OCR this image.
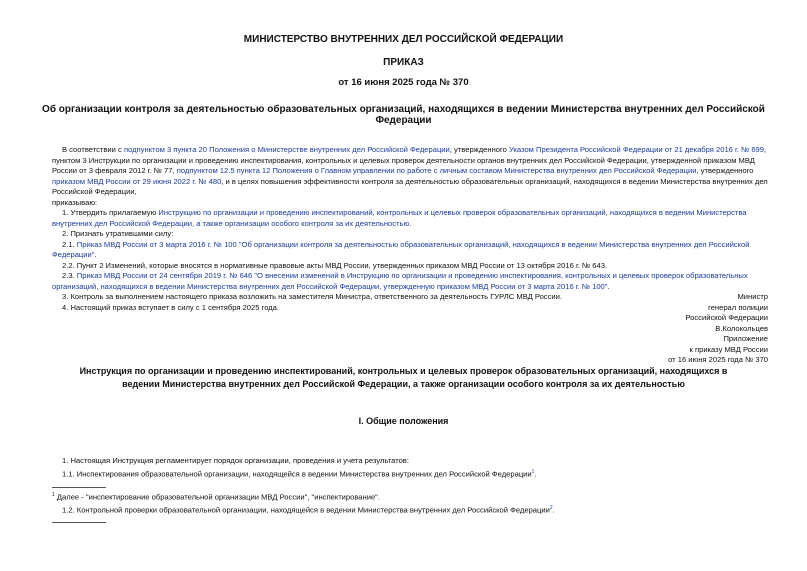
МИНИСТЕРСТВО ВНУТРЕННИХ ДЕЛ РОССИЙСКОЙ ФЕДЕРАЦИИ

ПРИКАЗ

от 16 июня 2025 года № 370

Об организации контроля за деятельностью образовательных организаций, находящихся в ведении Министерства внутренних дел Российской Федерации

В соответствии с подпунктом 3 пункта 20 Положения о Министерстве внутренних дел Российской Федерации, утвержденного Указом Президента Российской Федерации от 21 декабря 2016 г. № 699, пунктом 3 Инструкции по организации и проведению инспектирования, контрольных и целевых проверок деятельности органов внутренних дел Российской Федерации, утвержденной приказом МВД России от 3 февраля 2012 г. № 77, подпунктом 12.5 пункта 12 Положения о Главном управлении по работе с личным составом Министерства внутренних дел Российской Федерации, утвержденного приказом МВД России от 29 июня 2022 г. № 480, и в целях повышения эффективности контроля за деятельностью образовательных организаций, находящихся в ведении Министерства внутренних дел Российской Федерации,

приказываю:

1. Утвердить прилагаемую Инструкцию по организации и проведению инспектирований, контрольных и целевых проверок образовательных организаций, находящихся в ведении Министерства внутренних дел Российской Федерации, а также организации особого контроля за их деятельностью.

2. Признать утратившими силу:

2.1. Приказ МВД России от 3 марта 2016 г. № 100 "Об организации контроля за деятельностью образовательных организаций, находящихся в ведении Министерства внутренних дел Российской Федерации".

2.2. Пункт 2 Изменений, которые вносятся в нормативные правовые акты МВД России, утвержденных приказом МВД России от 13 октября 2016 г. № 643.

2.3. Приказ МВД России от 24 сентября 2019 г. № 646 "О внесении изменений в Инструкцию по организации и проведению инспектирования, контрольных и целевых проверок образовательных организаций, находящихся в ведении Министерства внутренних дел Российской Федерации, утвержденную приказом МВД России от 3 марта 2016 г. № 100".

3. Контроль за выполнением настоящего приказа возложить на заместителя Министра, ответственного за деятельность ГУРЛС МВД России.

4. Настоящий приказ вступает в силу с 1 сентября 2025 года.

Министр
генерал полиции
Российской Федерации
В.Колокольцев
Приложение
к приказу МВД России
от 16 июня 2025 года № 370

Инструкция по организации и проведению инспектирований, контрольных и целевых проверок образовательных организаций, находящихся в ведении Министерства внутренних дел Российской Федерации, а также организации особого контроля за их деятельностью

I. Общие положения

1. Настоящая Инструкция регламентирует порядок организации, проведения и учета результатов:

1.1. Инспектирования образовательной организации, находящейся в ведении Министерства внутренних дел Российской Федерации$^1$.

$^1$ Далее - "инспектирование образовательной организации МВД России", "инспектирование".

1.2. Контрольной проверки образовательной организации, находящейся в ведении Министерства внутренних дел Российской Федерации$^2$.
